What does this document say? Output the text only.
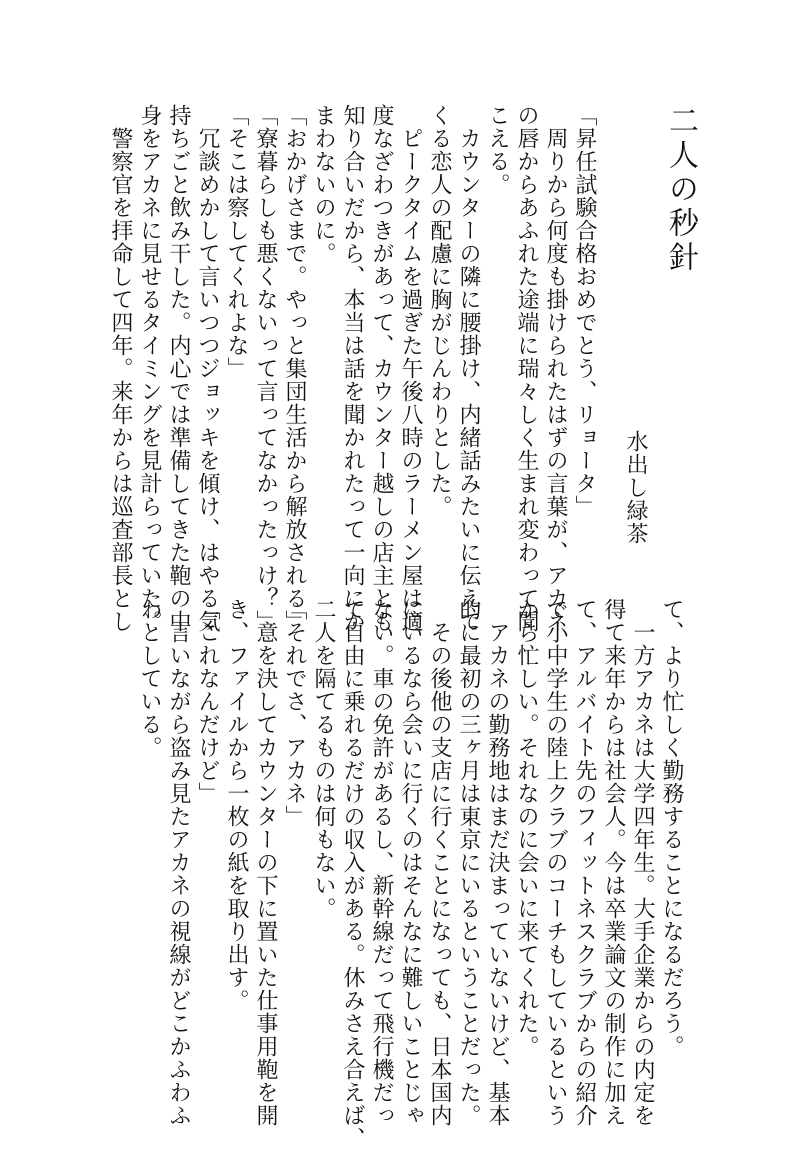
二人の秒針
水出し緑茶
「昇任試験合格おめでとう、リョータ」
　周りから何度も掛けられたはずの言葉が、アカネ
の唇からあふれた途端に瑞々しく生まれ変わって聞
こえる。
　カウンターの隣に腰掛け、内緒話みたいに伝えて
くる恋人の配慮に胸がじんわりとした。
　ピークタイムを過ぎた午後八時のラーメン屋は適
度なざわつきがあって、カウンター越しの店主とも
知り合いだから、本当は話を聞かれたって一向にか
まわないのに。
「おかげさまで。やっと集団生活から解放される」
「寮暮らしも悪くないって言ってなかったっけ？」
「そこは察してくれよな」
　冗談めかして言いつつジョッキを傾け、はやる気
持ちごと飲み干した。内心では準備してきた鞄の中
身をアカネに見せるタイミングを見計らっていた。
　警察官を拝命して四年。来年からは巡査部長とし
て、より忙しく勤務することになるだろう。
　一方アカネは大学四年生。大手企業からの内定を
得て来年からは社会人。今は卒業論文の制作に加え
て、アルバイト先のフィットネスクラブからの紹介
で小中学生の陸上クラブのコーチもしているという
から忙しい。それなのに会いに来てくれた。
　アカネの勤務地はまだ決まっていないけど、基本
的に最初の三ヶ月は東京にいるということだった。
　その後他の支店に行くことになっても、日本国内
にいるなら会いに行くのはそんなに難しいことじゃ
ない。車の免許があるし、新幹線だって飛行機だっ
て自由に乗れるだけの収入がある。休みさえ合えば、
二人を隔てるものは何もない。
「それでさ、アカネ」
　意を決してカウンターの下に置いた仕事用鞄を開
き、ファイルから一枚の紙を取り出す。
「これなんだけど」
　言いながら盗み見たアカネの視線がどこかふわふ
わとしている。
